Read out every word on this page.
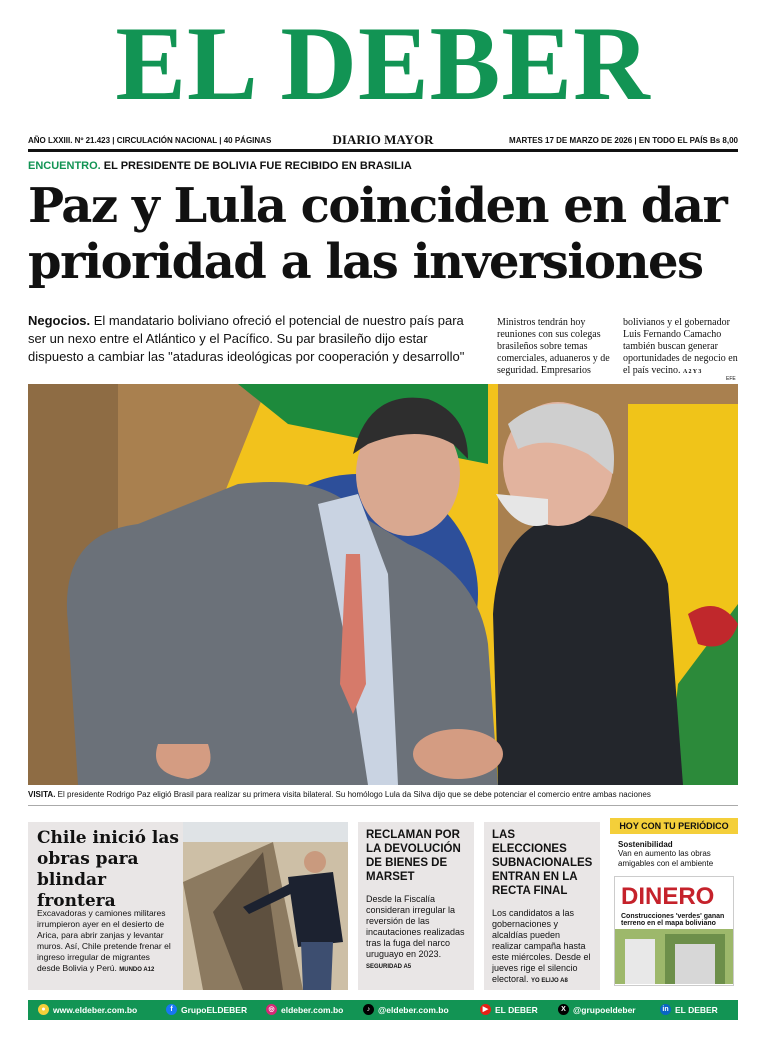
EL DEBER
AÑO LXXIII. Nº 21.423 | CIRCULACIÓN NACIONAL | 40 PÁGINAS	DIARIO MAYOR	MARTES 17 DE MARZO DE 2026 | EN TODO EL PAÍS Bs 8,00
ENCUENTRO. EL PRESIDENTE DE BOLIVIA FUE RECIBIDO EN BRASILIA
Paz y Lula coinciden en dar
prioridad a las inversiones
Negocios. El mandatario boliviano ofreció el potencial de nuestro país para ser un nexo entre el Atlántico y el Pacífico. Su par brasileño dijo estar dispuesto a cambiar las "ataduras ideológicas por cooperación y desarrollo"
Ministros tendrán hoy reuniones con sus colegas brasileños sobre temas comerciales, aduaneros y de seguridad. Empresarios
bolivianos y el gobernador Luis Fernando Camacho también buscan generar oportunidades de negocio en el país vecino. A 2 Y 3
EFE
VISITA. El presidente Rodrigo Paz eligió Brasil para realizar su primera visita bilateral. Su homólogo Lula da Silva dijo que se debe potenciar el comercio entre ambas naciones
Chile inició las obras para blindar frontera

Excavadoras y camiones militares irrumpieron ayer en el desierto de Arica, para abrir zanjas y levantar muros. Así, Chile pretende frenar el ingreso irregular de migrantes desde Bolivia y Perú. MUNDO A12

RECLAMAN POR LA DEVOLUCIÓN DE BIENES DE MARSET
Desde la Fiscalía consideran irregular la reversión de las incautaciones realizadas tras la fuga del narco uruguayo en 2023. SEGURIDAD A5
LAS ELECCIONES SUBNACIONALES ENTRAN EN LA RECTA FINAL
Los candidatos a las gobernaciones y alcaldías pueden realizar campaña hasta este miércoles. Desde el jueves rige el silencio electoral. YO ELIJO A8
HOY CON TU PERIÓDICO
Sostenibilidad
Van en aumento las obras amigables con el ambiente
DINERO
Construcciones 'verdes' ganan terreno en el mapa boliviano
● www.eldeber.com.bo	f GrupoELDEBER	◎ eldeber.com.bo	♪ @eldeber.com.bo	▶ EL DEBER	X @grupoeldeber	in EL DEBER
